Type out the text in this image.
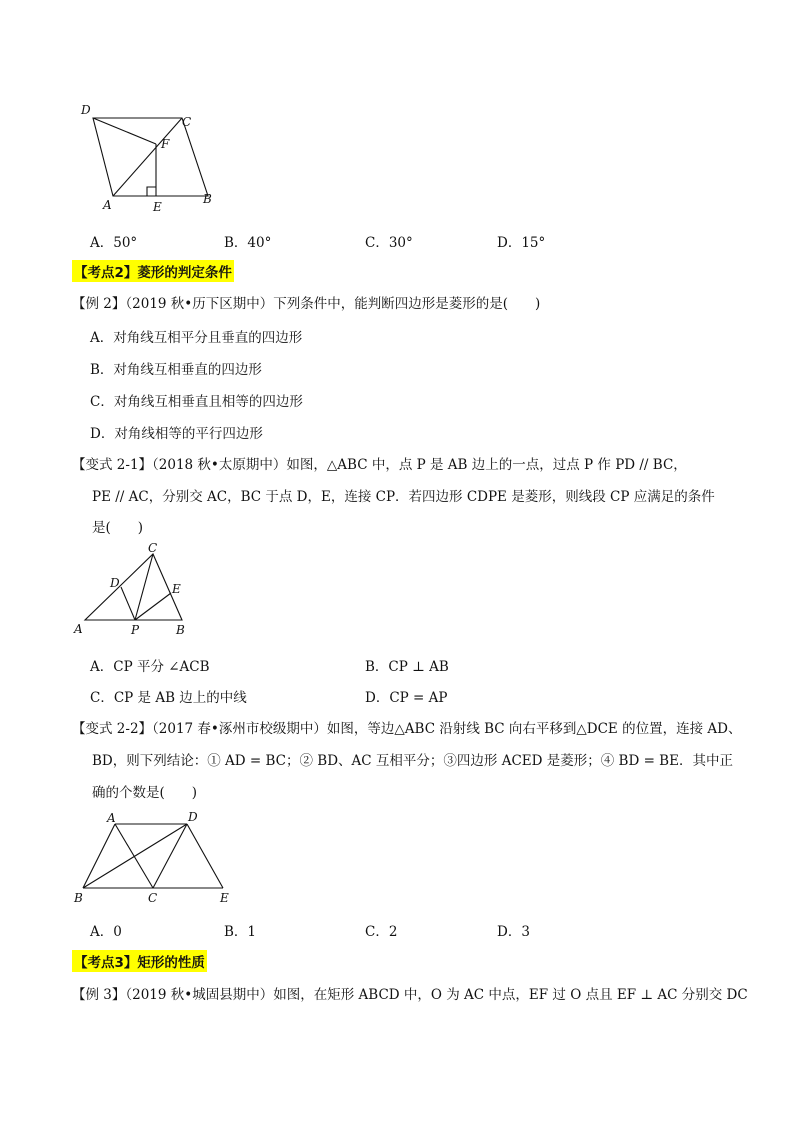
D
C
F
A	E
B
A．50°	B．40°	C．30°	D．15°
【考点2】菱形的判定条件
【例 2】（2019 秋•历下区期中）下列条件中，能判断四边形是菱形的是(　　)
A．对角线互相平分且垂直的四边形
B．对角线互相垂直的四边形
C．对角线互相垂直且相等的四边形
D．对角线相等的平行四边形
【变式 2-1】（2018 秋•太原期中）如图，△ABC 中，点 P 是 AB 边上的一点，过点 P 作 PD // BC，
PE // AC，分别交 AC，BC 于点 D，E，连接 CP．若四边形 CDPE 是菱形，则线段 CP 应满足的条件
是(　　)
C
D	E
A	P	B
A．CP 平分 ∠ACB	B．CP ⊥ AB
C．CP 是 AB 边上的中线	D．CP = AP
【变式 2-2】（2017 春•涿州市校级期中）如图，等边△ABC 沿射线 BC 向右平移到△DCE 的位置，连接 AD、
BD，则下列结论：① AD = BC；② BD、AC 互相平分；③四边形 ACED 是菱形；④ BD = BE．其中正
确的个数是(　　)
A	D
B	C	E
A．0	B．1	C．2	D．3
【考点3】矩形的性质
【例 3】（2019 秋•城固县期中）如图，在矩形 ABCD 中，O 为 AC 中点，EF 过 O 点且 EF ⊥ AC 分别交 DC
